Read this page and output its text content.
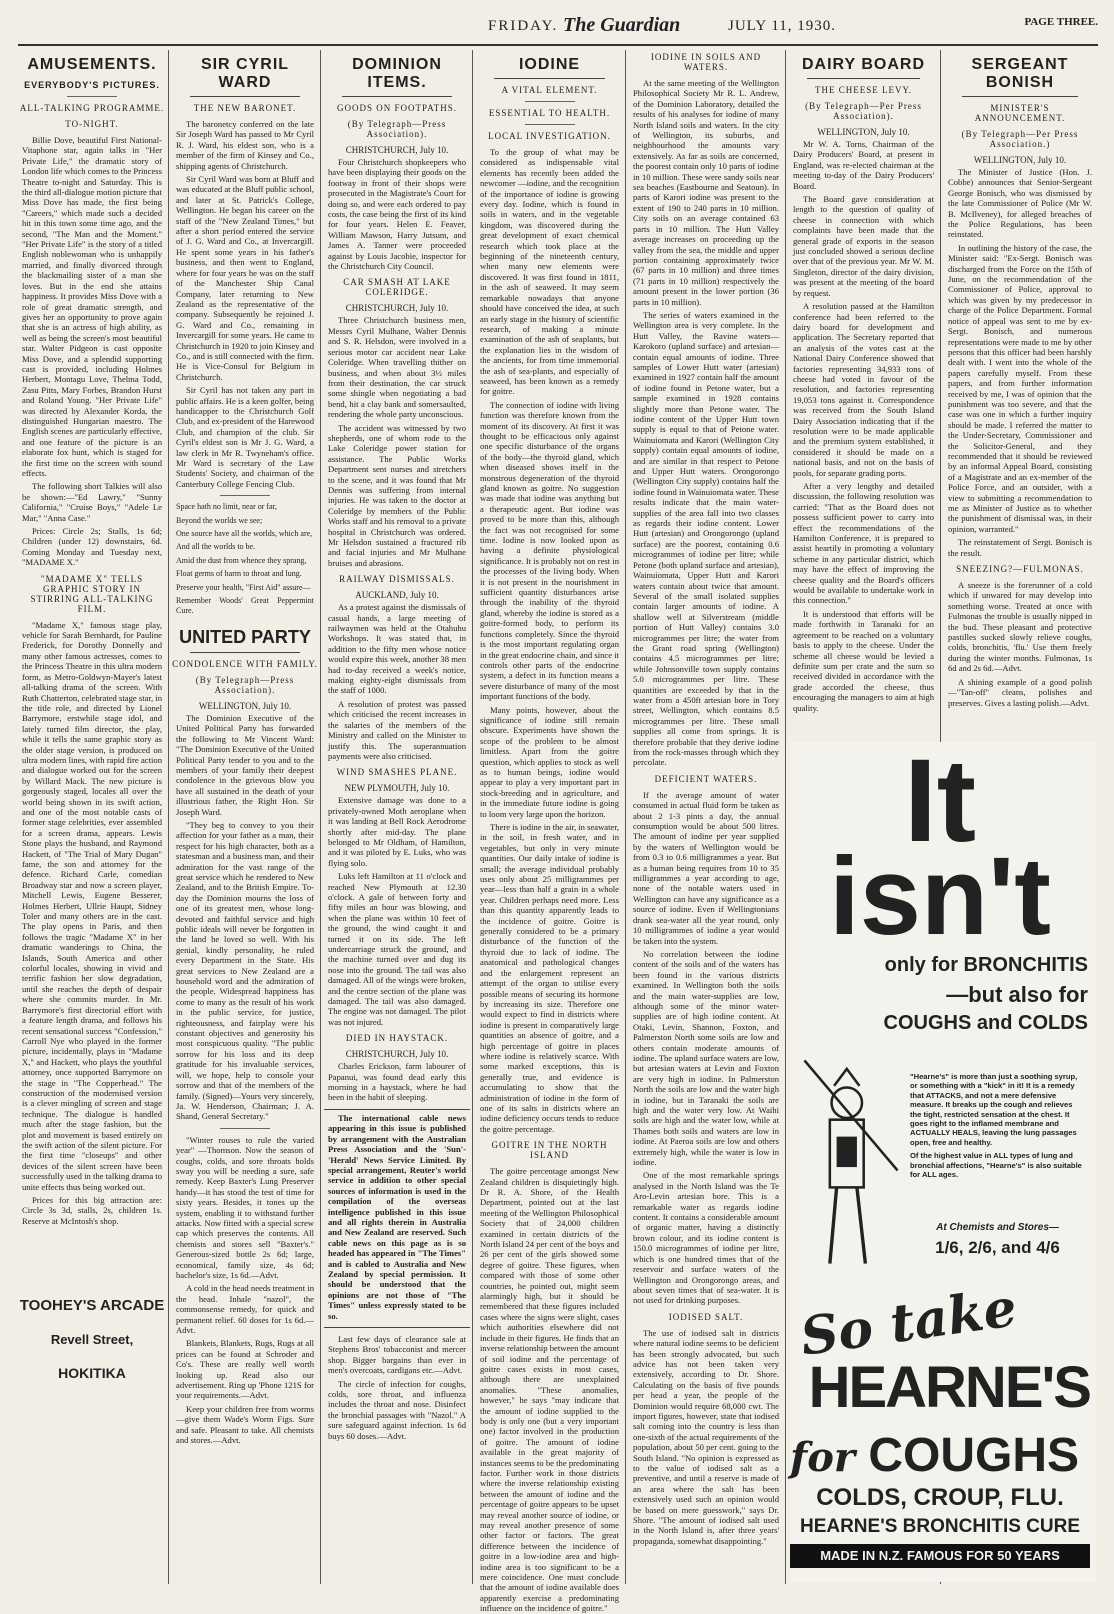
FRIDAY. The Guardian	JULY 11, 1930.	PAGE THREE.
AMUSEMENTS.
EVERYBODY'S PICTURES.
ALL-TALKING PROGRAMME.
TO-NIGHT.

Billie Dove, beautiful First National-Vitaphone star, again talks in "Her Private Life," the dramatic story of London life which comes to the Princess Theatre to-night and Saturday. This is the third all-dialogue motion picture that Miss Dove has made, the first being "Careers," which made such a decided hit in this town some time ago, and the second, "The Man and the Moment." "Her Private Life" is the story of a titled English noblewoman who is unhappily married, and finally divorced through the blackmailing sister of a man she loves. But in the end she attains happiness. It provides Miss Dove with a role of great dramatic strength, and gives her an opportunity to prove again that she is an actress of high ability, as well as being the screen's most beautiful star. Walter Pidgeon is cast opposite Miss Dove, and a splendid supporting cast is provided, including Holmes Herbert, Montagu Love, Thelma Todd, Zasu Pitts, Mary Forbes, Brandon Hurst and Roland Young. "Her Private Life" was directed by Alexander Korda, the distinguished Hungarian maestro. The English scenes are particularly effective, and one feature of the picture is an elaborate fox hunt, which is staged for the first time on the screen with sound effects.

The following short Talkies will also be shown:—"Ed Lawry," "Sunny California," "Cruise Boys," "Adele Le Mar," "Anna Case."

Prices: Circle 2s; Stalls, 1s 6d; Children (under 12) downstairs, 6d. Coming Monday and Tuesday next, "MADAME X."

"MADAME X" TELLS GRAPHIC STORY IN STIRRING ALL-TALKING FILM.

"Madame X," famous stage play, vehicle for Sarah Bernhardt, for Pauline Frederick, for Dorothy Donnelly and many other famous actresses, comes to the Princess Theatre in this ultra modern form, as Metro-Goldwyn-Mayer's latest all-talking drama of the screen. With Ruth Chatterton, celebrated stage star, in the title role, and directed by Lionel Barrymore, erstwhile stage idol, and lately turned film director, the play, while it tells the same graphic story as the older stage version, is produced on ultra modern lines, with rapid fire action and dialogue worked out for the screen by Willard Mack. The new picture is gorgeously staged, locales all over the world being shown in its swift action, and one of the most notable casts of former stage celebrities, ever assembled for a screen drama, appears. Lewis Stone plays the husband, and Raymond Hackett, of "The Trial of Mary Dugan" fame, the son and attorney for the defence. Richard Carle, comedian Broadway star and now a screen player, Mitchell Lewis, Eugene Besserer, Holmes Herbert, Ullrie Haupt, Sidney Toler and many others are in the cast. The play opens in Paris, and then follows the tragic "Madame X" in her dramatic wanderings to China, the Islands, South America and other colorful locales, showing in vivid and terrific fashion her slow degradation, until she reaches the depth of despair where she commits murder. In Mr. Barrymore's first directorial effort with a feature length drama, and follows his recent sensational success "Confession," Carroll Nye who played in the former picture, incidentally, plays in "Madame X," and Hackett, who plays the youthful attorney, once supported Barrymore on the stage in "The Copperhead." The construction of the modernised version is a clever mingling of screen and stage technique. The dialogue is handled much after the stage fashion, but the plot and movement is based entirely on the swift action of the silent picture. For the first time "closeups" and other devices of the silent screen have been successfully used in the talking drama to unite effects thus being worked out.

Prices for this big attraction are: Circle 3s 3d, stalls, 2s, children 1s. Reserve at McIntosh's shop.

TOOHEY'S ARCADE
Revell Street,
HOKITIKA
SIR CYRIL WARD
THE NEW BARONET.

The baronetcy conferred on the late Sir Joseph Ward has passed to Mr Cyril R. J. Ward, his eldest son, who is a member of the firm of Kinsey and Co., shipping agents of Christchurch.

Sir Cyril Ward was born at Bluff and was educated at the Bluff public school, and later at St. Patrick's College, Wellington. He began his career on the staff of the "New Zealand Times," but after a short period entered the service of J. G. Ward and Co., at Invercargill. He spent some years in his father's business, and then went to England, where for four years he was on the staff of the Manchester Ship Canal Company, later returning to New Zealand as the representative of the company. Subsequently he rejoined J. G. Ward and Co., remaining in Invercargill for some years. He came to Christchurch in 1920 to join Kinsey and Co., and is still connected with the firm. He is Vice-Consul for Belgium in Christchurch.

Sir Cyril has not taken any part in public affairs. He is a keen golfer, being handicapper to the Christchurch Golf Club, and ex-president of the Harewood Club, and champion of the club. Sir Cyril's eldest son is Mr J. G. Ward, a law clerk in Mr R. Twyneham's office. Mr Ward is secretary of the Law Students' Society, and chairman of the Canterbury College Fencing Club.

Space hath no limit, near or far,

Beyond the worlds we see;

One source have all the worlds, which are,

And all the worlds to be.

Amid the dust from whence they sprang,

Float germs of harm to throat and lung.

Preserve your health, "First Aid" assure—

Remember Woods' Great Peppermint Cure.

UNITED PARTY
CONDOLENCE WITH FAMILY.
(By Telegraph—Press Association).
WELLINGTON, July 10.

The Dominion Executive of the United Political Party has forwarded the following to Mr Vincent Ward: "The Dominion Executive of the United Political Party tender to you and to the members of your family their deepest condolence in the grievous blow you have all sustained in the death of your illustrious father, the Right Hon. Sir Joseph Ward.

"They beg to convey to you their affection for your father as a man, their respect for his high character, both as a statesman and a business man, and their admiration for the vast range of the great service which he rendered to New Zealand, and to the British Empire. To-day the Dominion mourns the loss of one of its greatest men, whose long-devoted and faithful service and high public ideals will never be forgotten in the land he loved so well. With his genial, kindly personality, he ruled every Department in the State. His great services to New Zealand are a household word and the admiration of the people. Widespread happiness has come to many as the result of his work in the public service, for justice, righteousness, and fairplay were his constant objectives and generosity his most conspicuous quality. "The public sorrow for his loss and its deep gratitude for his invaluable services, will, we hope, help to console your sorrow and that of the members of the family. (Signed)—Yours very sincerely, Ja. W. Henderson, Chairman; J. A. Shand, General Secretary."

"Winter rouses to rule the varied year" —Thomson. Now the season of coughs, colds, and sore throats holds sway you will be needing a sure, safe remedy. Keep Baxter's Lung Preserver handy—it has stood the test of time for sixty years. Besides, it tones up the system, enabling it to withstand further attacks. Now fitted with a special screw cap which preserves the contents. All chemists and stores sell "Baxter's." Generous-sized bottle 2s 6d; large, economical, family size, 4s 6d; bachelor's size, 1s 6d.—Advt.

A cold in the head needs treatment in the head. Inhale "nazol", the commonsense remedy, for quick and permanent relief. 60 doses for 1s 6d.—Advt.

Blankets, Blankets, Rugs, Rugs at all prices can be found at Schroder and Co's. These are really well worth looking up. Read also our advertisement. Ring up 'Phone 121S for your requirements.—Advt.

Keep your children free from worms—give them Wade's Worm Figs. Sure and safe. Pleasant to take. All chemists and stores.—Advt.

DOMINION ITEMS.
GOODS ON FOOTPATHS.
(By Telegraph—Press Association).
CHRISTCHURCH, July 10.

Four Christchurch shopkeepers who have been displaying their goods on the footway in front of their shops were prosecuted in the Magistrate's Court for doing so, and were each ordered to pay costs, the case being the first of its kind for four years. Helen E. Feaver, William Mawson, Harry Jutsum, and James A. Tanner were proceeded against by Louis Jacobie, inspector for the Christchurch City Council.

CAR SMASH AT LAKE COLERIDGE.
CHRISTCHURCH, July 10.

Three Christchurch business men, Messrs Cyril Mulhane, Walter Dennis and S. R. Helsdon, were involved in a serious motor car accident near Lake Coleridge. When travelling thither on business, and when about 3½ miles from their destination, the car struck some shingle when negotiating a bad bend, hit a clay bank and somersaulted, rendering the whole party unconscious.

The accident was witnessed by two shepherds, one of whom rode to the Lake Coleridge power station for assistance. The Public Works Department sent nurses and stretchers to the scene, and it was found that Mr Dennis was suffering from internal injuries. He was taken to the doctor at Coleridge by members of the Public Works staff and his removal to a private hospital in Christchurch was ordered. Mr Helsdon sustained a fractured rib and facial injuries and Mr Mulhane bruises and abrasions.

RAILWAY DISMISSALS.
AUCKLAND, July 10.

As a protest against the dismissals of casual hands, a large meeting of railwaymen was held at the Otahuhu Workshops. It was stated that, in addition to the fifty men whose notice would expire this week, another 38 men had to-day received a week's notice, making eighty-eight dismissals from the staff of 1000.

A resolution of protest was passed which criticised the recent increases in the salaries of the members of the Ministry and called on the Minister to justify this. The superannuation payments were also criticised.

WIND SMASHES PLANE.
NEW PLYMOUTH, July 10.

Extensive damage was done to a privately-owned Moth aeroplane when it was landing at Bell Rock Aerodrome shortly after mid-day. The plane belonged to Mr Oldham, of Hamilton, and it was piloted by E. Luks, who was flying solo.

Luks left Hamilton at 11 o'clock and reached New Plymouth at 12.30 o'clock. A gale of between forty and fifty miles an hour was blowing, and when the plane was within 10 feet of the ground, the wind caught it and turned it on its side. The left undercarriage struck the ground, and the machine turned over and dug its nose into the ground. The tail was also damaged. All of the wings were broken, and the centre section of the plane was damaged. The tail was also damaged. The engine was not damaged. The pilot was not injured.

DIED IN HAYSTACK.
CHRISTCHURCH, July 10.

Charles Erickson, farm labourer of Papanui, was found dead early this morning in a haystack, where he had been in the habit of sleeping.

The international cable news appearing in this issue is published by arrangement with the Australian Press Association and the 'Sun'-'Herald' News Service Limited. By special arrangement, Reuter's world service in addition to other special sources of information is used in the compilation of the overseas intelligence published in this issue and all rights therein in Australia and New Zealand are reserved. Such cable news on this page as is so headed has appeared in "The Times" and is cabled to Australia and New Zealand by special permission. It should be understood that the opinions are not those of "The Times" unless expressly stated to be so.

Last few days of clearance sale at Stephens Bros' tobacconist and mercer shop. Bigger bargains than ever in men's overcoats, cardigans etc.—Advt.

The circle of infection for coughs, colds, sore throat, and influenza includes the throat and nose. Disinfect the bronchial passages with "Nazol." A sure safeguard against infection. 1s 6d buys 60 doses.—Advt.

IODINE
A VITAL ELEMENT.
ESSENTIAL TO HEALTH.
LOCAL INVESTIGATION.

To the group of what may be considered as indispensable vital elements has recently been added the newcomer —iodine, and the recognition of the importance of iodine is growing every day. Iodine, which is found in soils in waters, and in the vegetable kingdom, was discovered during the great development of exact chemical research which took place at the beginning of the nineteenth century, when many new elements were discovered. It was first found in 1811, in the ash of seaweed. It may seem remarkable nowadays that anyone should have conceived the idea, at such an early stage in the history of scientific research, of making a minute examination of the ash of seaplants, but the explanation lies in the wisdom of the ancients, for from time immemorial the ash of sea-plants, and especially of seaweed, has been known as a remedy for goitre.

The connection of iodine with living function was therefore known from the moment of its discovery. At first it was thought to be efficacious only against one specific disturbance of the organs of the body—the thyroid gland, which when diseased shows itself in the monstrous degeneration of the thyroid gland known as goitre. No suggestion was made that iodine was anything but a therapeutic agent. But iodine was proved to be more than this, although the fact was not recognised for some time. Iodine is now looked upon as having a definite physiological significance. It is probably not on rest in the processes of the living body. When it is not present in the nourishment in sufficient quantity disturbances arise through the inability of the thyroid gland, whereby the iodine is stored as a goitre-formed body, to perform its functions completely. Since the thyroid is the most important regulating organ in the great endocrine chain, and since it controls other parts of the endocrine system, a defect in its function means a severe disturbance of many of the most important functions of the body.

Many points, however, about the significance of iodine still remain obscure. Experiments have shown the scope of the problem to be almost limitless. Apart from the goitre question, which applies to stock as well as to human beings, iodine would appear to play a very important part in stock-breeding and in agriculture, and in the immediate future iodine is going to loom very large upon the horizon.

There is iodine in the air, in seawater, in the soil, in fresh water, and in vegetables, but only in very minute quantities. Our daily intake of iodine is small; the average individual probably uses only about 25 milligrammes per year—less than half a grain in a whole year. Children perhaps need more. Less than this quantity apparently leads to the incidence of goitre. Goitre is generally considered to be a primary disturbance of the function of the thyroid due to lack of iodine. The anatomical and pathological changes and the enlargement represent an attempt of the organ to utilise every possible means of securing its hormone by increasing its size. Therefore one would expect to find in districts where iodine is present in comparatively large quantities an absence of goitre, and a high percentage of goitre in places where iodine is relatively scarce. With some marked exceptions, this is generally true, and evidence is accumulating to show that the administration of iodine in the form of one of its salts in districts where an iodine deficiency occurs tends to reduce the goitre percentage.

GOITRE IN THE NORTH ISLAND

The goitre percentage amongst New Zealand children is disquietingly high. Dr R. A. Shore, of the Health Department, pointed out at the last meeting of the Wellington Philosophical Society that of 24,000 children examined in certain districts of the North Island 24 per cent of the boys and 26 per cent of the girls showed some degree of goitre. These figures, when compared with those of some other countries, he pointed out, might seem alarmingly high, but it should be remembered that these figures included cases where the signs were slight, cases which authorities elsewhere did not include in their figures. He finds that an inverse relationship between the amount of soil iodine and the percentage of goitre cases exists in most cases, although there are unexplained anomalies. "These anomalies, however," he says "may indicate that the amount of iodine supplied to the body is only one (but a very important one) factor involved in the production of goitre. The amount of iodine available in the great majority of instances seems to be the predominating factor. Further work in those districts where the inverse relationship existing between the amount of iodine and the percentage of goitre appears to be upset may reveal another source of iodine, or may reveal another presence of some other factor or factors. The great difference between the incidence of goitre in a low-iodine area and high-iodine area is too significant to be a mere coincidence. One must conclude that the amount of iodine available does apparently exercise a predominating influence on the incidence of goitre."

IODINE IN SOILS AND WATERS.

At the same meeting of the Wellington Philosophical Society Mr R. L. Andrew, of the Dominion Laboratory, detailed the results of his analyses for iodine of many North Island soils and waters. In the city of Wellington, its suburbs, and neighbourhood the amounts vary extensively. As far as soils are concerned, the poorest contain only 10 parts of iodine in 10 million. These were sandy soils near sea beaches (Eastbourne and Seatoun). In parts of Karori iodine was present to the extent of 190 to 240 parts in 10 million. City soils on an average contained 63 parts in 10 million. The Hutt Valley average increases on proceeding up the valley from the sea, the middle and upper portion containing approximately twice (67 parts in 10 million) and three times (71 parts in 10 million) respectively the amount present in the lower portion (36 parts in 10 million).

The series of waters examined in the Wellington area is very complete. In the Hutt Valley, the Ravine waters—Karokoro (upland surface) and artesian—contain equal amounts of iodine. Three samples of Lower Hutt water (artesian) examined in 1927 contain half the amount of iodine found in Petone water, but a sample examined in 1928 contains slightly more than Petone water. The iodine content of the Upper Hutt town supply is equal to that of Petone water. Wainuiomata and Karori (Wellington City supply) contain equal amounts of iodine, and are similar in that respect to Petone and Upper Hutt waters. Orongorongo (Wellington City supply) contains half the iodine found in Wainuiomata water. These results indicate that the main water-supplies of the area fall into two classes as regards their iodine content. Lower Hutt (artesian) and Orongorongo (upland surface) are the poorest, containing 0.6 microgrammes of iodine per litre; while Petone (both upland surface and artesian), Wainuiomata, Upper Hutt and Karori waters contain about twice that amount. Several of the small isolated supplies contain larger amounts of iodine. A shallow well at Silverstream (middle portion of Hutt Valley) contains 3.0 microgrammes per litre; the water from the Grant road spring (Wellington) contains 4.5 microgrammes per litre; while Johnsonville town supply contains 5.0 microgrammes per litre. These quantities are exceeded by that in the water from a 450ft artesian bore in Tory street, Wellington, which contains 8.5 microgrammes per litre. These small supplies all come from springs. It is therefore probable that they derive iodine from the rock-masses through which they percolate.

DEFICIENT WATERS.

If the average amount of water consumed in actual fluid form be taken as about 2 1-3 pints a day, the annual consumption would be about 500 litres. The amount of iodine per year supplied by the waters of Wellington would be from 0.3 to 0.6 milligrammes a year. But as a human being requires from 10 to 35 milligrammes a year according to age, none of the notable waters used in Wellington can have any significance as a source of iodine. Even if Wellingtonians drank sea-water all the year round, only 10 milligrammes of iodine a year would be taken into the system.

No correlation between the iodine content of the soils and of the waters has been found in the various districts examined. In Wellington both the soils and the main water-supplies are low, although some of the minor water-supplies are of high iodine content. At Otaki, Levin, Shannon, Foxton, and Palmerston North some soils are low and others contain moderate amounts of iodine. The upland surface waters are low, but artesian waters at Levin and Foxton are very high in iodine. In Palmerston North the soils are low and the water high in iodine, but in Taranaki the soils are high and the water very low. At Waihi soils are high and the water low, while at Thames both soils and waters are low in iodine. At Paeroa soils are low and others extremely high, while the water is low in iodine.

One of the most remarkable springs analysed in the North Island was the Te Aro-Levin artesian bore. This is a remarkable water as regards iodine content. It contains a considerable amount of organic matter, having a distinctly brown colour, and its iodine content is 150.0 microgrammes of iodine per litre, which is one hundred times that of the reservoir and surface waters of the Wellington and Orongorongo areas, and about seven times that of sea-water. It is not used for drinking purposes.

IODISED SALT.

The use of iodised salt in districts where natural iodine seems to be deficient has been strongly advocated, but such advice has not been taken very extensively, according to Dr. Shore. Calculating on the basis of five pounds per head a year, the people of the Dominion would require 68,000 cwt. The import figures, however, state that iodised salt coming into the country is less than one-sixth of the actual requirements of the population, about 50 per cent. going to the South Island. "No opinion is expressed as to the value of iodised salt as a preventive, and until a reserve is made of an area where the salt has been extensively used such an opinion would be based on mere guesswork," says Dr. Shore. "The amount of iodised salt used in the North Island is, after three years' propaganda, somewhat disappointing."

DAIRY BOARD
THE CHEESE LEVY.
(By Telegraph—Per Press Association).
WELLINGTON, July 10.

Mr W. A. Torns, Chairman of the Dairy Producers' Board, at present in England, was re-elected chairman at the meeting to-day of the Dairy Producers' Board.

The Board gave consideration at length to the question of quality of cheese in connection with which complaints have been made that the general grade of exports in the season just concluded showed a serious decline over that of the previous year. Mr W. M. Singleton, director of the dairy division, was present at the meeting of the board by request.

A resolution passed at the Hamilton conference had been referred to the dairy board for development and application. The Secretary reported that an analysis of the votes cast at the National Dairy Conference showed that factories representing 34,933 tons of cheese had voted in favour of the resolution, and factories representing 19,053 tons against it. Correspondence was received from the South Island Dairy Association indicating that if the resolution were to be made applicable and the premium system established, it considered it should be made on a national basis, and not on the basis of pools, for separate grading ports.

After a very lengthy and detailed discussion, the following resolution was carried: "That as the Board does not possess sufficient power to carry into effect the recommendations of the Hamilton Conference, it is prepared to assist heartily in promoting a voluntary scheme in any particular district, which may have the effect of improving the cheese quality and the Board's officers would be available to undertake work in this connection."

It is understood that efforts will be made forthwith in Taranaki for an agreement to be reached on a voluntary basis to apply to the cheese. Under the scheme all cheese would be levied a definite sum per crate and the sum so received divided in accordance with the grade accorded the cheese, thus encouraging the managers to aim at high quality.

SERGEANT BONISH
MINISTER'S ANNOUNCEMENT.
(By Telegraph—Per Press Association.)
WELLINGTON, July 10.

The Minister of Justice (Hon. J. Cobbe) announces that Senior-Sergeant George Bonisch, who was dismissed by the late Commissioner of Police (Mr W. B. McIlveney), for alleged breaches of the Police Regulations, has been reinstated.

In outlining the history of the case, the Minister said: "Ex-Sergt. Bonisch was discharged from the Force on the 15th of June, on the recommendation of the Commissioner of Police, approval to which was given by my predecessor in charge of the Police Department. Formal notice of appeal was sent to me by ex-Sergt. Bonisch, and numerous representations were made to me by other persons that this officer had been harshly dealt with. I went into the whole of the papers carefully myself. From these papers, and from further information received by me, I was of opinion that the punishment was too severe, and that the case was one in which a further inquiry should be made. I referred the matter to the Under-Secretary, Commissioner and the Solicitor-General, and they recommended that it should be reviewed by an informal Appeal Board, consisting of a Magistrate and an ex-member of the Police Force, and an outsider, with a view to submitting a recommendation to me as Minister of Justice as to whether the punishment of dismissal was, in their opinion, warranted."

The reinstatement of Sergt. Bonisch is the result.

SNEEZING?—FULMONAS.

A sneeze is the forerunner of a cold which if unwared for may develop into something worse. Treated at once with Fulmonas the trouble is usually nipped in the bud. These pleasant and protective pastilles sucked slowly relieve coughs, colds, bronchitis, 'flu.' Use them freely during the winter months. Fulmonas, 1s 6d and 2s 6d.—Advt.

A shining example of a good polish—"Tan-off" cleans, polishes and preserves. Gives a lasting polish.—Advt.

It
isn't
only for BRONCHITIS
—but also for
COUGHS and COLDS
"Hearne's" is more than just a soothing syrup, or something with a "kick" in it! It is a remedy that ATTACKS, and not a mere defensive measure. It breaks up the cough and relieves the tight, restricted sensation at the chest. It goes right to the inflamed membrane and ACTUALLY HEALS, leaving the lung passages open, free and healthy.
Of the highest value in ALL types of lung and bronchial affections, "Hearne's" is also suitable for ALL ages.
At Chemists and Stores—
1/6, 2/6, and 4/6
So take
HEARNE'S
for COUGHS
COLDS, CROUP, FLU.
HEARNE'S BRONCHITIS CURE
MADE IN N.Z. FAMOUS FOR 50 YEARS
